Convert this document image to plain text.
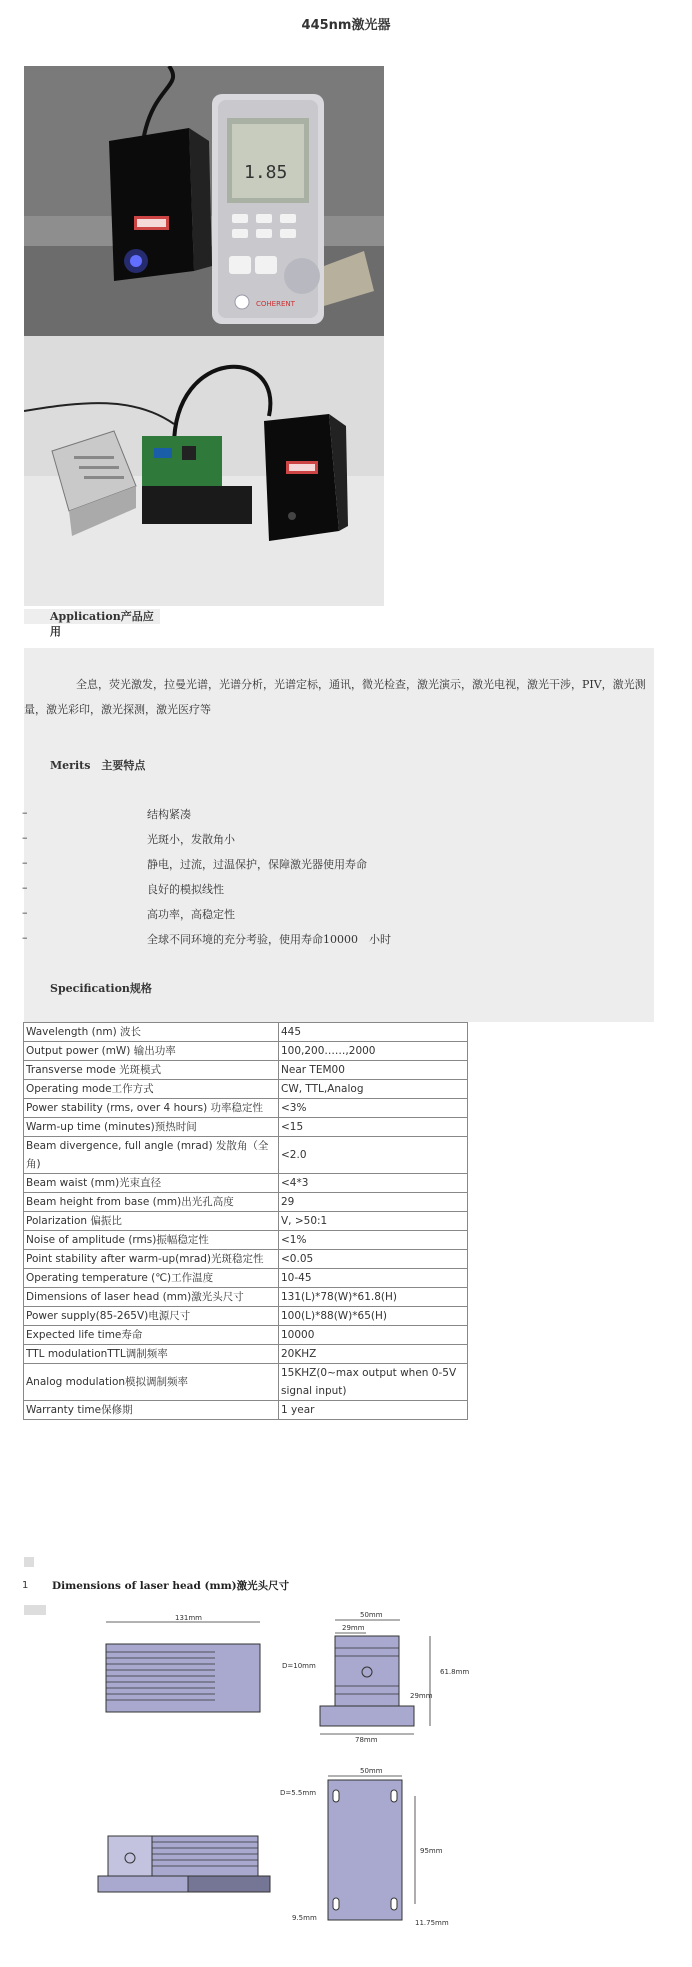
445nm激光器
1.85
COHERENT
Application产品应用
全息，荧光激发，拉曼光谱，光谱分析，光谱定标，通讯，微光检查，激光演示，激光电视，激光干涉，PIV，激光测量，激光彩印，激光探测，激光医疗等
Merits　主要特点
–	结构紧凑
–	光斑小，发散角小
–	静电，过流，过温保护，保障激光器使用寿命
–	良好的模拟线性
–	高功率，高稳定性
–	全球不同环境的充分考验，使用寿命10000　小时
Specification规格
Wavelength (nm) 波长	445
Output power (mW) 输出功率	100,200……,2000
Transverse mode 光斑模式	Near TEM00
Operating mode工作方式	CW, TTL,Analog
Power stability (rms, over 4 hours) 功率稳定性	<3%
Warm-up time (minutes)预热时间	<15
Beam divergence, full angle (mrad) 发散角（全角)	<2.0
Beam waist (mm)光束直径	<4*3
Beam height from base (mm)出光孔高度	29
Polarization 偏振比	V, >50:1
Noise of amplitude (rms)振幅稳定性	<1%
Point stability after warm-up(mrad)光斑稳定性	<0.05
Operating temperature (℃)工作温度	10-45
Dimensions of laser head (mm)激光头尺寸	131(L)*78(W)*61.8(H)
Power supply(85-265V)电源尺寸	100(L)*88(W)*65(H)
Expected life time寿命	10000
TTL modulationTTL调制频率	20KHZ
Analog modulation模拟调制频率	15KHZ(0~max output when 0-5V signal input)
Warranty time保修期	1 year
1 Dimensions of laser head (mm)激光头尺寸
131mm	50mm
29mm
D=10mm
61.8mm
29mm
78mm
50mm
D=5.5mm
95mm
9.5mm
11.75mm
